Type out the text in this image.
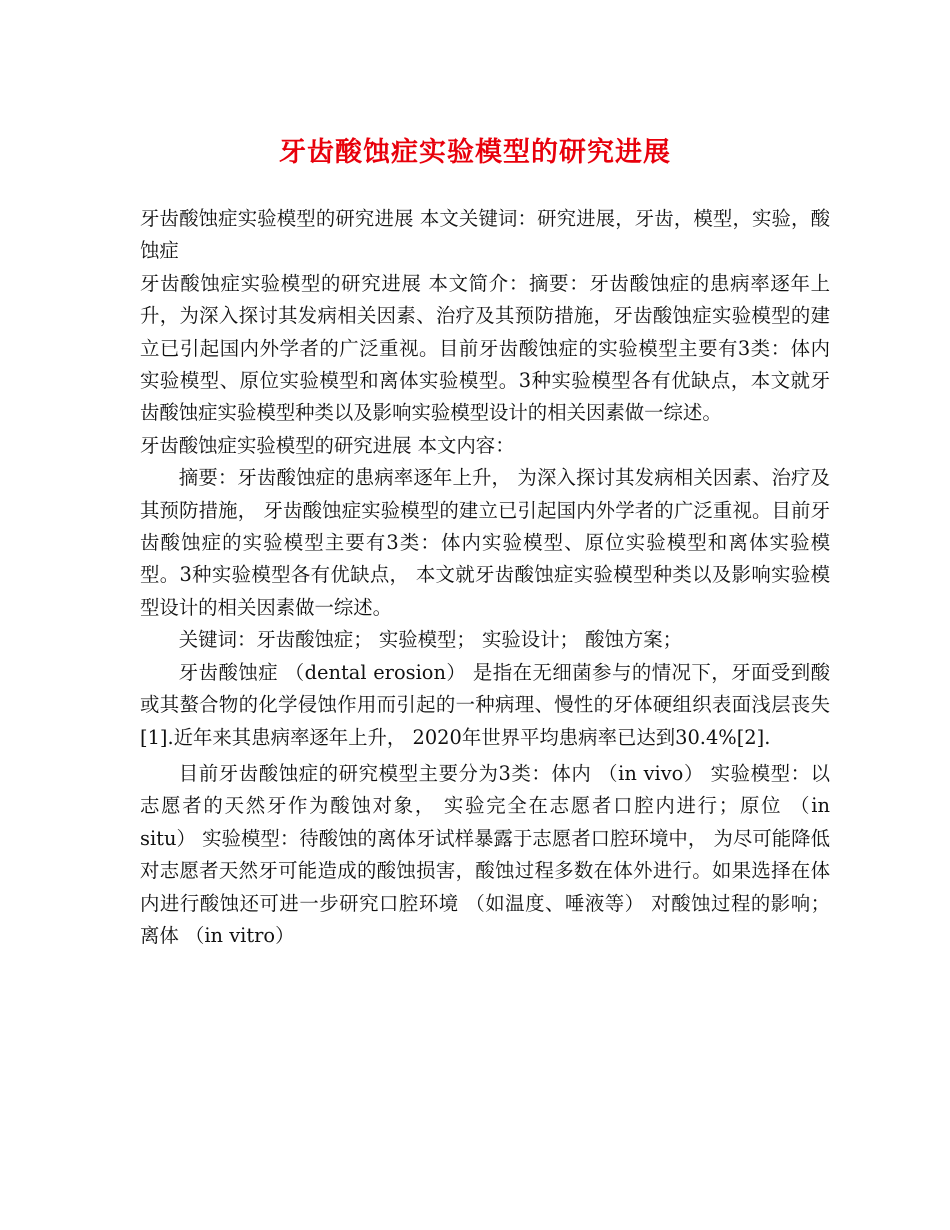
牙齿酸蚀症实验模型的研究进展

牙齿酸蚀症实验模型的研究进展 本文关键词：研究进展，牙齿，模型，实验，酸蚀症

牙齿酸蚀症实验模型的研究进展 本文简介：摘要：牙齿酸蚀症的患病率逐年上升，为深入探讨其发病相关因素、治疗及其预防措施，牙齿酸蚀症实验模型的建立已引起国内外学者的广泛重视。目前牙齿酸蚀症的实验模型主要有3类：体内实验模型、原位实验模型和离体实验模型。3种实验模型各有优缺点，本文就牙齿酸蚀症实验模型种类以及影响实验模型设计的相关因素做一综述。

牙齿酸蚀症实验模型的研究进展 本文内容：

摘要：牙齿酸蚀症的患病率逐年上升， 为深入探讨其发病相关因素、治疗及其预防措施， 牙齿酸蚀症实验模型的建立已引起国内外学者的广泛重视。目前牙齿酸蚀症的实验模型主要有3类：体内实验模型、原位实验模型和离体实验模型。3种实验模型各有优缺点， 本文就牙齿酸蚀症实验模型种类以及影响实验模型设计的相关因素做一综述。

关键词：牙齿酸蚀症； 实验模型； 实验设计； 酸蚀方案；

牙齿酸蚀症 （dental erosion） 是指在无细菌参与的情况下，牙面受到酸或其螯合物的化学侵蚀作用而引起的一种病理、慢性的牙体硬组织表面浅层丧失[1].近年来其患病率逐年上升， 2020年世界平均患病率已达到30.4%[2].

目前牙齿酸蚀症的研究模型主要分为3类：体内 （in vivo） 实验模型：以志愿者的天然牙作为酸蚀对象， 实验完全在志愿者口腔内进行；原位 （in situ） 实验模型：待酸蚀的离体牙试样暴露于志愿者口腔环境中， 为尽可能降低对志愿者天然牙可能造成的酸蚀损害，酸蚀过程多数在体外进行。如果选择在体内进行酸蚀还可进一步研究口腔环境 （如温度、唾液等） 对酸蚀过程的影响；离体 （in vitro）
